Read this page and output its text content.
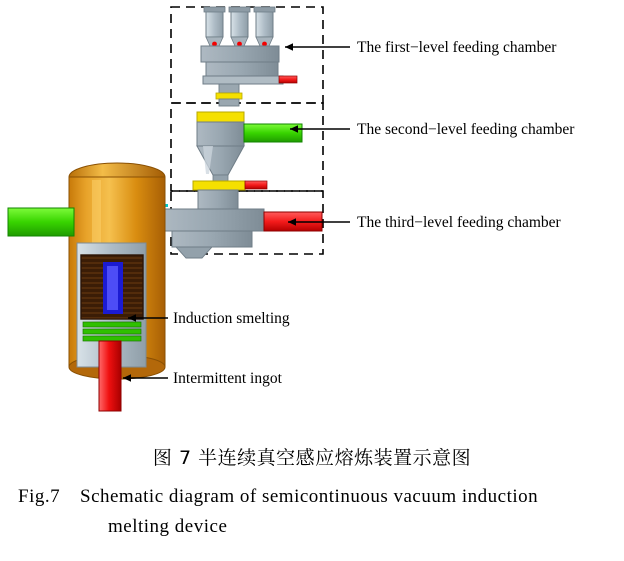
The first−level feeding chamber
The second−level feeding chamber
The third−level feeding chamber
Induction smelting
Intermittent ingot
图 7 半连续真空感应熔炼装置示意图
Fig.7 Schematic diagram of semicontinuous vacuum induction
melting device
